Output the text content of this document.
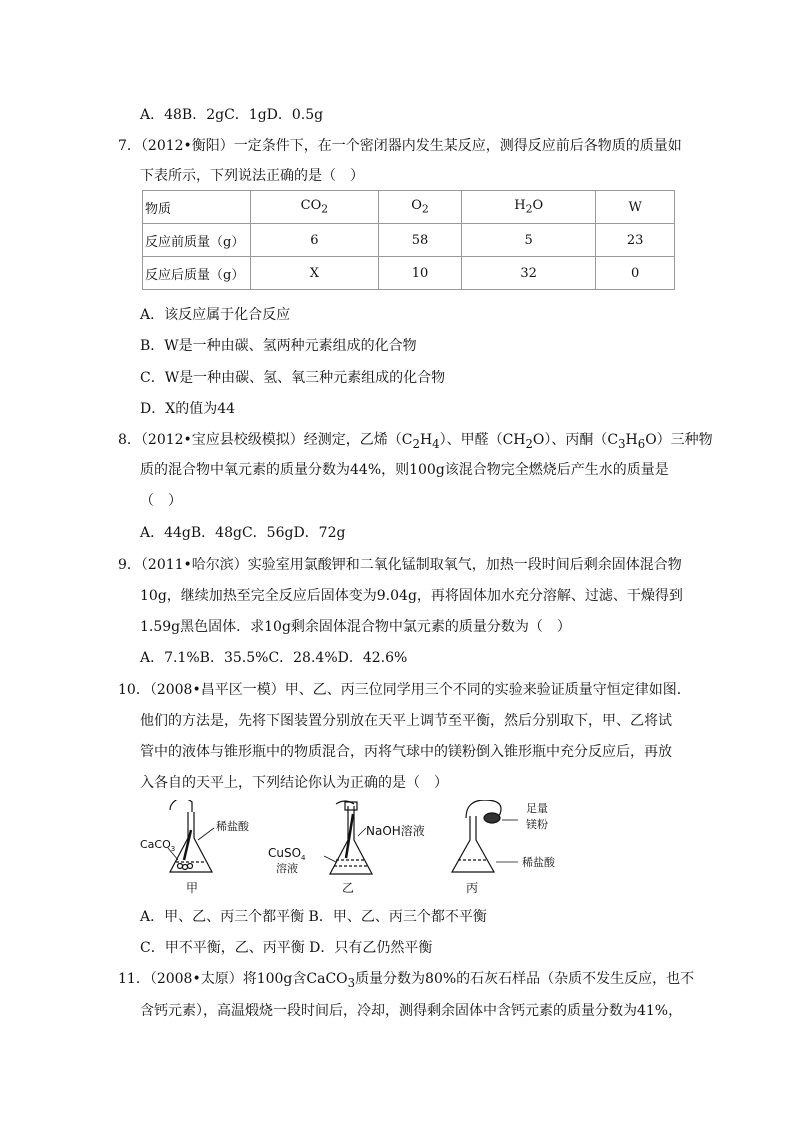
A．48B．2gC．1gD．0.5g
7．（2012•衡阳）一定条件下，在一个密闭器内发生某反应，测得反应前后各物质的质量如
下表所示，下列说法正确的是（　）
物质	$CO_2$	$O_2$	$H_2O$	W
反应前质量（g）	6	58	5	23
反应后质量（g）	X	10	32	0
A．该反应属于化合反应
B．W是一种由碳、氢两种元素组成的化合物
C．W是一种由碳、氢、氧三种元素组成的化合物
D．X的值为44
8．（2012•宝应县校级模拟）经测定，乙烯$(C_2H_4)$、甲醛$(CH_2O)$、丙酮$(C_3H_6O)$三种物
质的混合物中氧元素的质量分数为44%，则100g该混合物完全燃烧后产生水的质量是
（　）
A．44gB．48gC．56gD．72g
9．（2011•哈尔滨）实验室用氯酸钾和二氧化锰制取氧气，加热一段时间后剩余固体混合物
10g，继续加热至完全反应后固体变为9.04g，再将固体加水充分溶解、过滤、干燥得到
1.59g黑色固体．求10g剩余固体混合物中氯元素的质量分数为（　）
A．7.1%B．35.5%C．28.4%D．42.6%
10．（2008•昌平区一模）甲、乙、丙三位同学用三个不同的实验来验证质量守恒定律如图．
他们的方法是，先将下图装置分别放在天平上调节至平衡，然后分别取下，甲、乙将试
管中的液体与锥形瓶中的物质混合，丙将气球中的镁粉倒入锥形瓶中充分反应后，再放
入各自的天平上，下列结论你认为正确的是（　）
CaCO$_3$
稀盐酸
甲
NaOH溶液
CuSO$_4$
溶液
乙
足量
镁粉
稀盐酸
丙
A．甲、乙、丙三个都平衡 B．甲、乙、丙三个都不平衡
C．甲不平衡，乙、丙平衡 D．只有乙仍然平衡
11．（2008•太原）将100g含CaCO$_3$质量分数为80%的石灰石样品（杂质不发生反应，也不
含钙元素），高温煅烧一段时间后，冷却，测得剩余固体中含钙元素的质量分数为41%，
